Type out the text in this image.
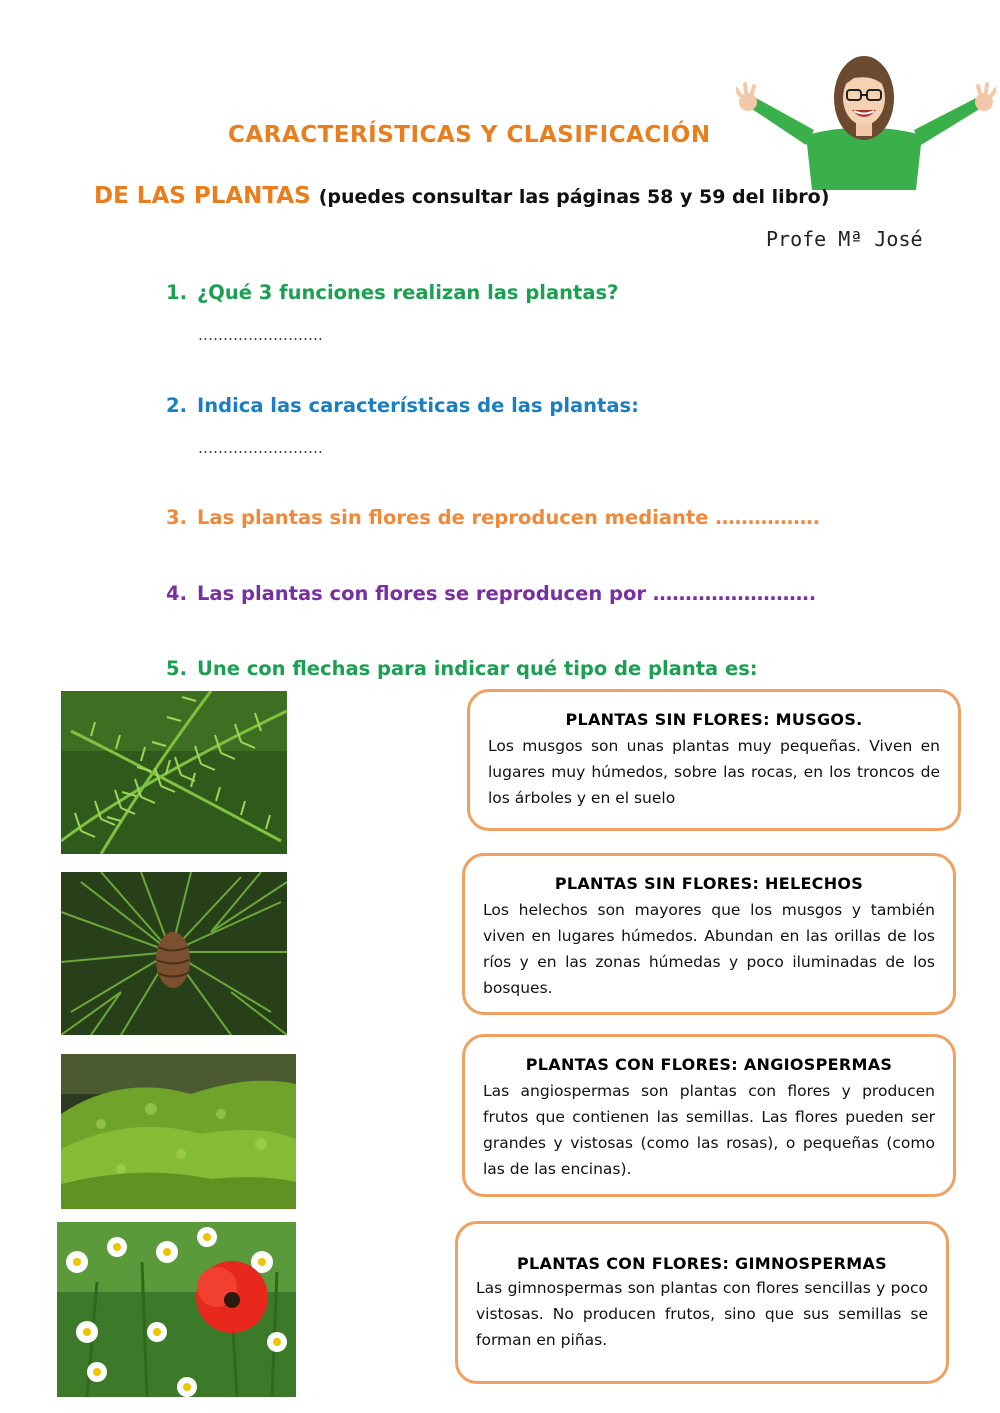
CARACTERÍSTICAS Y CLASIFICACIÓN
DE LAS PLANTAS (puedes consultar las páginas 58 y 59 del libro)
Profe Mª José
1. ¿Qué 3 funciones realizan las plantas?
…………………….
2. Indica las características de las plantas:
…………………….
3. Las plantas sin flores de reproducen mediante …………….
4. Las plantas con flores se reproducen por …………………….
5. Une con flechas para indicar qué tipo de planta es:
PLANTAS SIN FLORES: MUSGOS.
Los musgos son unas plantas muy pequeñas. Viven en lugares muy húmedos, sobre las rocas, en los troncos de los árboles y en el suelo
PLANTAS SIN FLORES: HELECHOS
Los helechos son mayores que los musgos y también viven en lugares húmedos. Abundan en las orillas de los ríos y en las zonas húmedas y poco iluminadas de los bosques.
PLANTAS CON FLORES: ANGIOSPERMAS
Las angiospermas son plantas con flores y producen frutos que contienen las semillas. Las flores pueden ser grandes y vistosas (como las rosas), o pequeñas (como las de las encinas).
PLANTAS CON FLORES: GIMNOSPERMAS
Las gimnospermas son plantas con flores sencillas y poco vistosas. No producen frutos, sino que sus semillas se forman en piñas.
